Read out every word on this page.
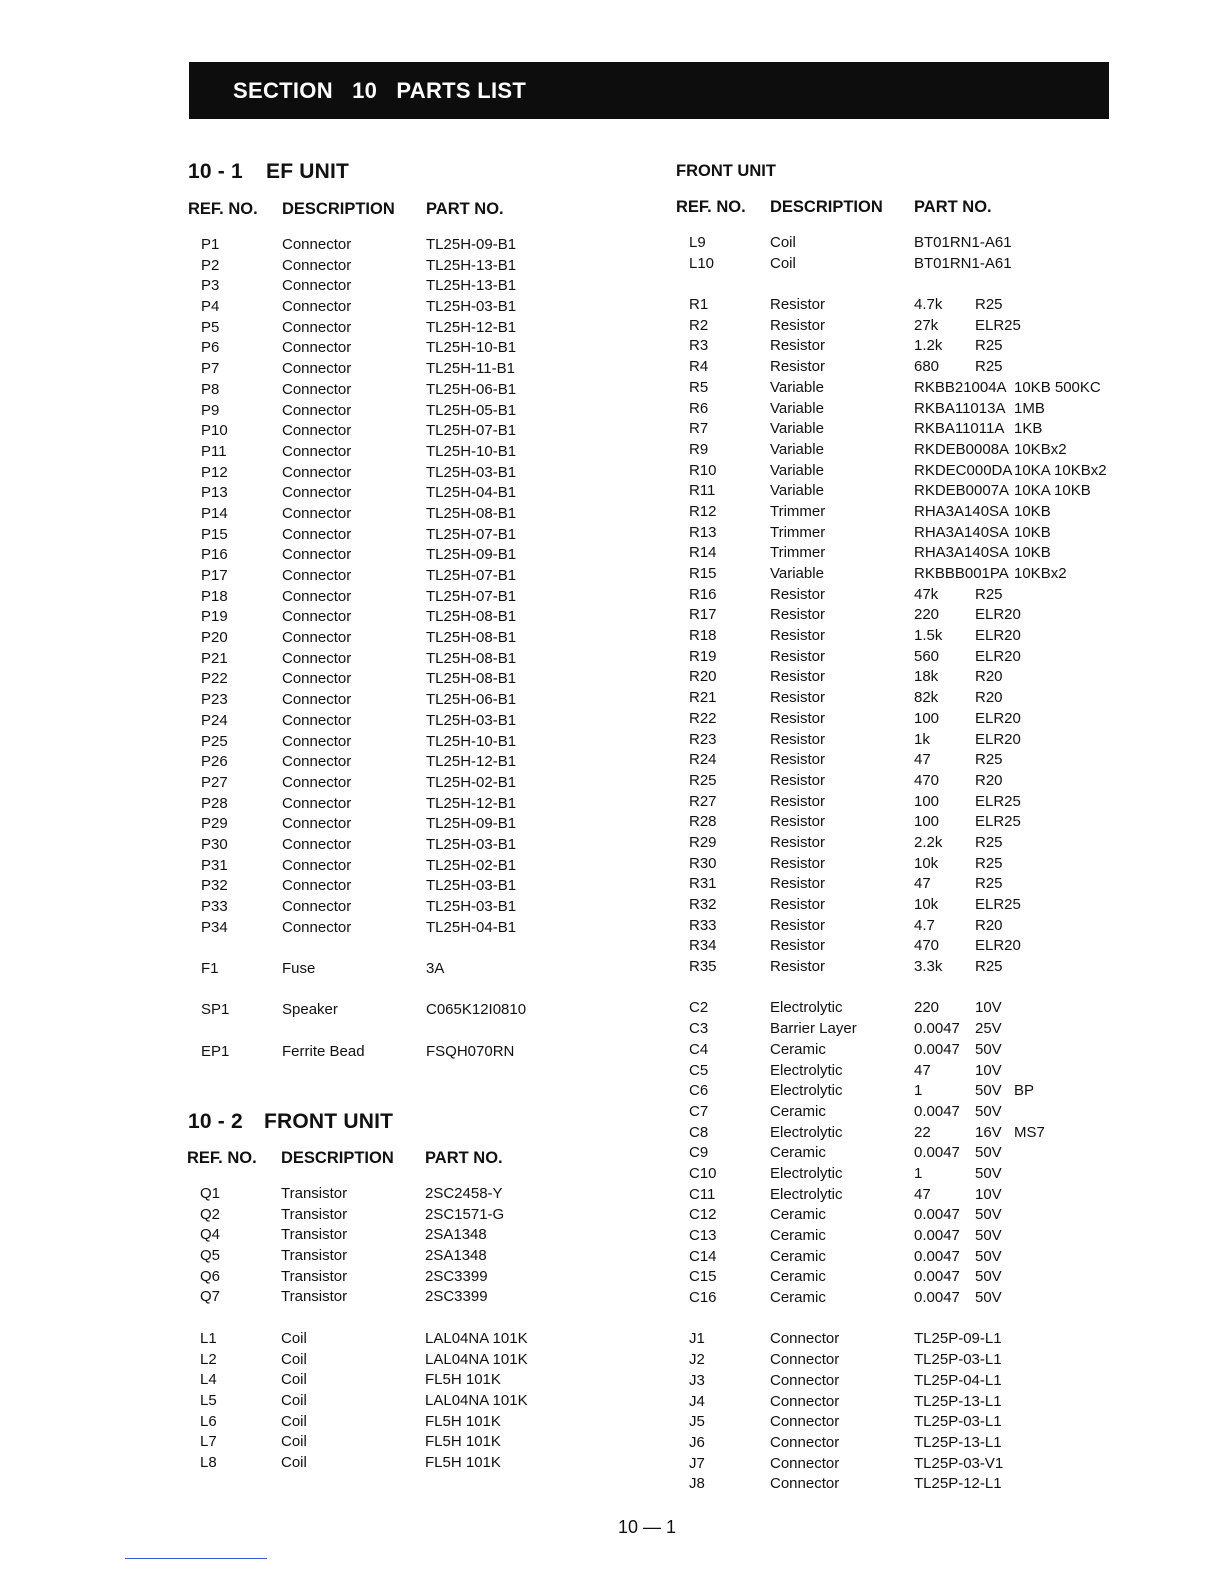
SECTION   10   PARTS LIST
10 - 1 EF UNIT
REF. NO. DESCRIPTION PART NO.
P1	Connector	TL25H-09-B1
P2	Connector	TL25H-13-B1
P3	Connector	TL25H-13-B1
P4	Connector	TL25H-03-B1
P5	Connector	TL25H-12-B1
P6	Connector	TL25H-10-B1
P7	Connector	TL25H-11-B1
P8	Connector	TL25H-06-B1
P9	Connector	TL25H-05-B1
P10	Connector	TL25H-07-B1
P11	Connector	TL25H-10-B1
P12	Connector	TL25H-03-B1
P13	Connector	TL25H-04-B1
P14	Connector	TL25H-08-B1
P15	Connector	TL25H-07-B1
P16	Connector	TL25H-09-B1
P17	Connector	TL25H-07-B1
P18	Connector	TL25H-07-B1
P19	Connector	TL25H-08-B1
P20	Connector	TL25H-08-B1
P21	Connector	TL25H-08-B1
P22	Connector	TL25H-08-B1
P23	Connector	TL25H-06-B1
P24	Connector	TL25H-03-B1
P25	Connector	TL25H-10-B1
P26	Connector	TL25H-12-B1
P27	Connector	TL25H-02-B1
P28	Connector	TL25H-12-B1
P29	Connector	TL25H-09-B1
P30	Connector	TL25H-03-B1
P31	Connector	TL25H-02-B1
P32	Connector	TL25H-03-B1
P33	Connector	TL25H-03-B1
P34	Connector	TL25H-04-B1
F1	Fuse	3A
SP1	Speaker	C065K12I0810
EP1	Ferrite Bead	FSQH070RN
10 - 2 FRONT UNIT
REF. NO. DESCRIPTION PART NO.
Q1	Transistor	2SC2458-Y
Q2	Transistor	2SC1571-G
Q4	Transistor	2SA1348
Q5	Transistor	2SA1348
Q6	Transistor	2SC3399
Q7	Transistor	2SC3399
L1	Coil	LAL04NA 101K
L2	Coil	LAL04NA 101K
L4	Coil	FL5H 101K
L5	Coil	LAL04NA 101K
L6	Coil	FL5H 101K
L7	Coil	FL5H 101K
L8	Coil	FL5H 101K
FRONT UNIT
REF. NO. DESCRIPTION PART NO.
L9	Coil	BT01RN1-A61
L10	Coil	BT01RN1-A61
R1	Resistor	4.7k R25
R2	Resistor	27k ELR25
R3	Resistor	1.2k R25
R4	Resistor	680 R25
R5	Variable	RKBB21004A 10KB 500KC
R6	Variable	RKBA11013A 1MB
R7	Variable	RKBA11011A 1KB
R9	Variable	RKDEB0008A 10KBx2
R10	Variable	RKDEC000DA 10KA 10KBx2
R11	Variable	RKDEB0007A 10KA 10KB
R12	Trimmer	RHA3A140SA 10KB
R13	Trimmer	RHA3A140SA 10KB
R14	Trimmer	RHA3A140SA 10KB
R15	Variable	RKBBB001PA 10KBx2
R16	Resistor	47k R25
R17	Resistor	220 ELR20
R18	Resistor	1.5k ELR20
R19	Resistor	560 ELR20
R20	Resistor	18k R20
R21	Resistor	82k R20
R22	Resistor	100 ELR20
R23	Resistor	1k	ELR20
R24	Resistor	47	R25
R25	Resistor	470 R20
R27	Resistor	100 ELR25
R28	Resistor	100 ELR25
R29	Resistor	2.2k R25
R30	Resistor	10k R25
R31	Resistor	47	R25
R32	Resistor	10k ELR25
R33	Resistor	4.7	R20
R34	Resistor	470 ELR20
R35	Resistor	3.3k R25
C2	Electrolytic	220 10V
C3	Barrier Layer	0.0047 25V
C4	Ceramic	0.0047 50V
C5	Electrolytic	47	10V
C6	Electrolytic	1	50V BP
C7	Ceramic	0.0047 50V
C8	Electrolytic	22	16V MS7
C9	Ceramic	0.0047 50V
C10	Electrolytic	1	50V
C11	Electrolytic	47	10V
C12	Ceramic	0.0047 50V
C13	Ceramic	0.0047 50V
C14	Ceramic	0.0047 50V
C15	Ceramic	0.0047 50V
C16	Ceramic	0.0047 50V
J1	Connector	TL25P-09-L1
J2	Connector	TL25P-03-L1
J3	Connector	TL25P-04-L1
J4	Connector	TL25P-13-L1
J5	Connector	TL25P-03-L1
J6	Connector	TL25P-13-L1
J7	Connector	TL25P-03-V1
J8	Connector	TL25P-12-L1
10 — 1
